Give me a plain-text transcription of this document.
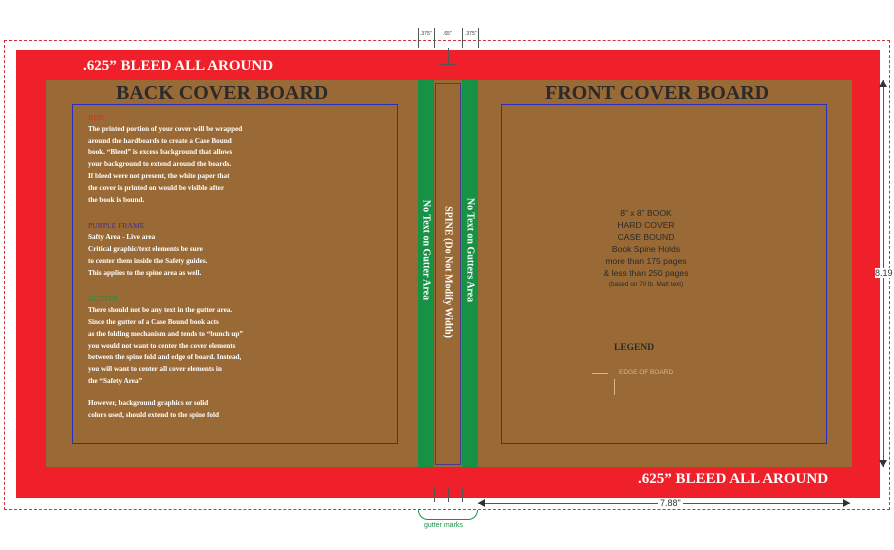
.625” BLEED ALL AROUND
.625” BLEED ALL AROUND
BACK COVER BOARD	FRONT COVER BOARD
RED
The printed portion of your cover will be wrapped
around the hardboards to create a Case Bound
book. “Bleed” is excess background that allows
your background to extend around the boards.
If bleed were not present, the white paper that
the cover is printed on would be visible after
the book is bound.
PURPLE FRAME
Safty Area - Live area
Critical graphic/text elements be sure
to center them inside the Safety guides.
This applies to the spine area as well.
GUTTER
There should not be any text in the gutter area.
Since the gutter of a Case Bound book acts
as the folding mechanism and tends to “bunch up”
you would not want to center the cover elements
between the spine fold and edge of board. Instead,
you will want to center all cover elements in
the “Safety Area”
However, background graphics or solid
colors used, should extend to the spine fold
No Text on Gutter Area SPINE (Do Not Modify Width) No Text on Gutters Area	8” x 8” BOOK
HARD COVER
CASE BOUND
Book Spine Holds
more than 175 pages
& less than 250 pages
(based on 70 lb. Matt text)
LEGEND
EDGE OF BOARD
8.19
7.88"
.375" .65"	.375"
gutter marks
